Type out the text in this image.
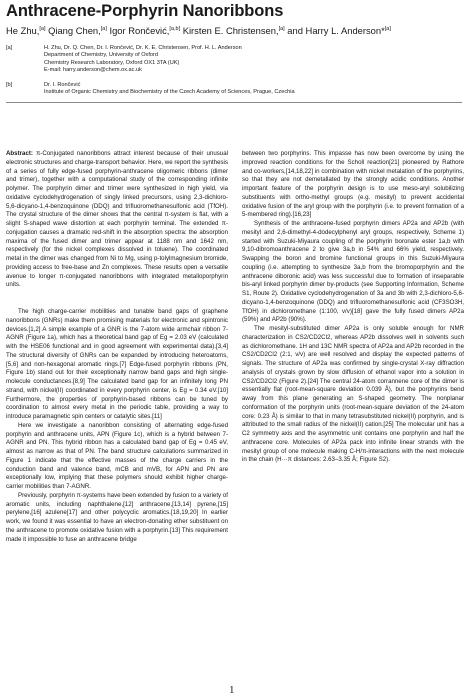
Anthracene-Porphyrin Nanoribbons
He Zhu,[a] Qiang Chen,[a] Igor Rončević,[a,b] Kirsten E. Christensen,[a] and Harry L. Anderson*[a]
[a]	H. Zhu, Dr. Q. Chen, Dr. I. Rončević, Dr. K. E. Christensen, Prof. H. L. Anderson
Department of Chemistry, University of Oxford
Chemistry Research Laboratory, Oxford OX1 3TA (UK)
E-mail: harry.anderson@chem.ox.ac.uk
[b]	Dr. I. Rončević
Institute of Organic Chemistry and Biochemistry of the Czech Academy of Sciences, Prague, Czechia

Abstract: π-Conjugated nanoribbons attract interest because of their unusual electronic structures and charge-transport behavior. Here, we report the synthesis of a series of fully edge-fused porphyrin-anthracene oligomeric ribbons (dimer and trimer), together with a computational study of the corresponding infinite polymer. The porphyrin dimer and trimer were synthesized in high yield, via oxidative cyclodehydrogenation of singly linked precursors, using 2,3-dichloro-5,6-dicyano-1,4-benzoquinone (DDQ) and trifluoromethanesulfonic acid (TfOH). The crystal structure of the dimer shows that the central π-system is flat, with a slight S-shaped wave distortion at each porphyrin terminal. The extended π-conjugation causes a dramatic red-shift in the absorption spectra: the absorption maxima of the fused dimer and trimer appear at 1188 nm and 1642 nm, respectively (for the nickel complexes dissolved in toluene). The coordinated metal in the dimer was changed from Ni to Mg, using p-tolylmagnesium bromide, providing access to free-base and Zn complexes. These results open a versatile avenue to longer π-conjugated nanoribbons with integrated metalloporphyrin units.

The high charge-carrier mobilities and tunable band gaps of graphene nanoribbons (GNRs) make them promising materials for electronic and spintronic devices.[1,2] A simple example of a GNR is the 7-atom wide armchair ribbon 7-AGNR (Figure 1a), which has a theoretical band gap of Eg = 2.03 eV (calculated with the HSE06 functional and in good agreement with experimental data).[3,4] The structural diversity of GNRs can be expanded by introducing heteroatoms,[5,6] and non-hexagonal aromatic rings.[7] Edge-fused porphyrin ribbons (PN, Figure 1b) stand out for their exceptionally narrow band gaps and high single-molecule conductances.[8,9] The calculated band gap for an infinitely long PN strand, with nickel(II) coordinated in every porphyrin center, is Eg = 0.34 eV.[10] Furthermore, the properties of porphyrin-based ribbons can be tuned by coordination to almost every metal in the periodic table, providing a way to introduce paramagnetic spin centers or catalytic sites.[11]

Here we investigate a nanoribbon consisting of alternating edge-fused porphyrin and anthracene units, APN (Figure 1c), which is a hybrid between 7-AGNR and PN. This hybrid ribbon has a calculated band gap of Eg = 0.45 eV, almost as narrow as that of PN. The band structure calculations summarized in Figure 1 indicate that the effective masses of the charge carriers in the conduction band and valence band, mCB and mVB, for APN and PN are exceptionally low, implying that these polymers should exhibit higher charge-carrier mobilities than 7-AGNR.

Previously, porphyrin π-systems have been extended by fusion to a variety of aromatic units, including naphthalene,[12] anthracene,[13,14] pyrene,[15] perylene,[16] azulene[17] and other polycyclic aromatics.[18,19,20] In earlier work, we found it was essential to have an electron-donating ether substituent on the anthracene to promote oxidative fusion with a porphyrin.[13] This requirement made it impossible to fuse an anthracene bridge

between two porphyrins. This impasse has now been overcome by using the improved reaction conditions for the Scholl reaction[21] pioneered by Rathore and co-workers,[14,18,22] in combination with nickel metalation of the porphyrins, so that they are not demetallated by the strongly acidic conditions. Another important feature of the porphyrin design is to use meso-aryl solubilizing substituents with ortho-methyl groups (e.g. mesityl) to prevent accidental oxidative fusion of the aryl group with the porphyrin (i.e. to prevent formation of a 5-membered ring).[16,23]

Synthesis of the anthracene-fused porphyrin dimers AP2a and AP2b (with mesityl and 2,6-dimethyl-4-dodecylphenyl aryl groups, respectively, Scheme 1) started with Suzuki-Miyaura coupling of the porphyrin boronate ester 1a,b with 9,10-dibromoanthracene 2 to give 3a,b in 54% and 66% yield, respectively. Swapping the boron and bromine functional groups in this Suzuki-Miyaura coupling (i.e. attempting to synthesize 3a,b from the bromoporphyrin and the anthracene diboronic acid) was less successful due to formation of inseparable bis-aryl linked porphyrin dimer by-products (see Supporting Information, Scheme S1, Route 2). Oxidative cyclodehydrogenation of 3a and 3b with 2,3-dichloro-5,6-dicyano-1,4-benzoquinone (DDQ) and trifluoromethanesulfonic acid (CF3SO3H, TfOH) in dichloromethane (1:100, v/v)[18] gave the fully fused dimers AP2a (59%) and AP2b (90%).

The mesityl-substituted dimer AP2a is only soluble enough for NMR characterization in CS2/CD2Cl2, whereas AP2b dissolves well in solvents such as dichloromethane. 1H and 13C NMR spectra of AP2a and AP2b recorded in the CS2/CD2Cl2 (2:1, v/v) are well resolved and display the expected patterns of signals. The structure of AP2a was confirmed by single-crystal X-ray diffraction analysis of crystals grown by slow diffusion of ethanol vapor into a solution in CS2/CD2Cl2 (Figure 2).[24] The central 24-atom corrannene core of the dimer is essentially flat (root-mean-square deviation 0.039 Å), but the porphyrins bend away from this plane generating an S-shaped geometry. The nonplanar conformation of the porphyrin units (root-mean-square deviation of the 24-atom core: 0.23 Å) is similar to that in many tetrasubstituted nickel(II) porphyrin, and is attributed to the small radius of the nickel(II) cation.[25] The molecular unit has a C2 symmetry axis and the asymmetric unit contains one porphyrin and half the anthracene core. Molecules of AP2a pack into infinite linear strands with the mesityl group of one molecule making C-H/π-interactions with the next molecule in the chain (H···π distances: 2.63–3.35 Å; Figure S2).

1
